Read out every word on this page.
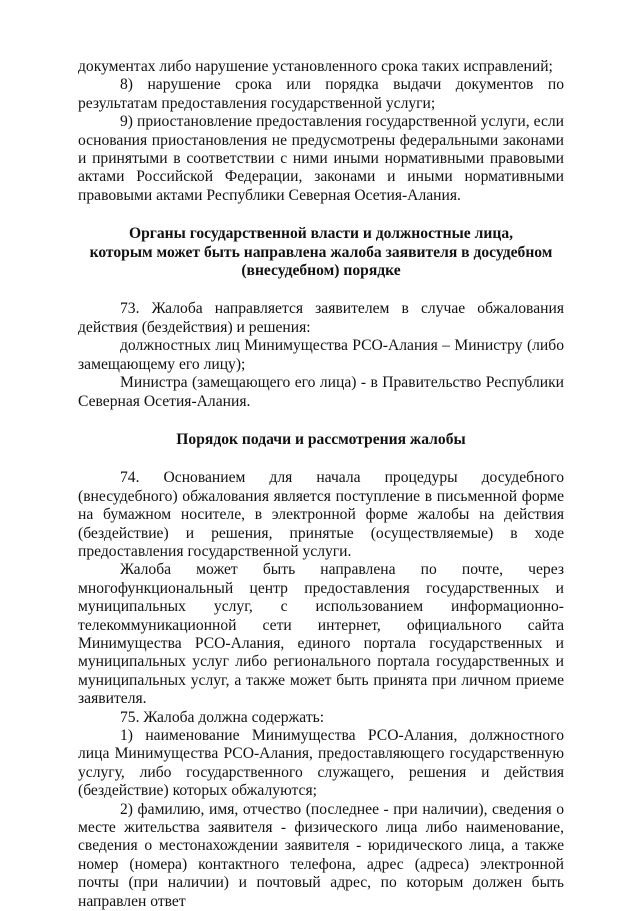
документах либо нарушение установленного срока таких исправлений;

8) нарушение срока или порядка выдачи документов по результатам предоставления государственной услуги;

9) приостановление предоставления государственной услуги, если основания приостановления не предусмотрены федеральными законами и принятыми в соответствии с ними иными нормативными правовыми актами Российской Федерации, законами и иными нормативными правовыми актами Республики Северная Осетия-Алания.

Органы государственной власти и должностные лица,
которым может быть направлена жалоба заявителя в досудебном
(внесудебном) порядке

73. Жалоба направляется заявителем в случае обжалования действия (бездействия) и решения:

должностных лиц Минимущества РСО-Алания – Министру (либо замещающему его лицу);

Министра (замещающего его лица) - в Правительство Республики Северная Осетия-Алания.

Порядок подачи и рассмотрения жалобы

74. Основанием для начала процедуры досудебного (внесудебного) обжалования является поступление в письменной форме на бумажном носителе, в электронной форме жалобы на действия (бездействие) и решения, принятые (осуществляемые) в ходе предоставления государственной услуги.

Жалоба может быть направлена по почте, через многофункциональный центр предоставления государственных и муниципальных услуг, с использованием информационно-телекоммуникационной сети интернет, официального сайта Минимущества РСО-Алания, единого портала государственных и муниципальных услуг либо регионального портала государственных и муниципальных услуг, а также может быть принята при личном приеме заявителя.

75. Жалоба должна содержать:

1) наименование Минимущества РСО-Алания, должностного лица Минимущества РСО-Алания, предоставляющего государственную услугу, либо государственного служащего, решения и действия (бездействие) которых обжалуются;

2) фамилию, имя, отчество (последнее - при наличии), сведения о месте жительства заявителя - физического лица либо наименование, сведения о местонахождении заявителя - юридического лица, а также номер (номера) контактного телефона, адрес (адреса) электронной почты (при наличии) и почтовый адрес, по которым должен быть направлен ответ
